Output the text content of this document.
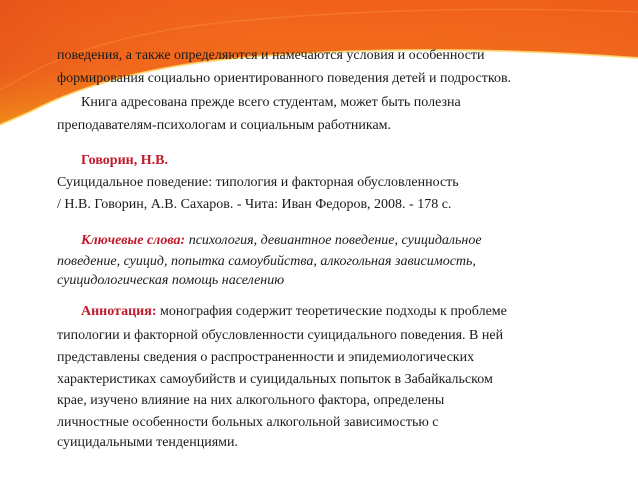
поведения, а также определяются и намечаются условия и особенности

формирования социально ориентированного поведения детей и подростков.

Книга адресована прежде всего студентам, может быть полезна

преподавателям-психологам и социальным работникам.

Говорин, Н.В.

Суицидальное поведение: типология и факторная обусловленность

/ Н.В. Говорин, А.В. Сахаров. - Чита: Иван Федоров, 2008. - 178 с.

Ключевые слова: психология, девиантное поведение, суицидальное

поведение, суицид, попытка самоубийства, алкогольная зависимость,

суицидологическая помощь населению

Аннотация: монография содержит теоретические подходы к проблеме

типологии и факторной обусловленности суицидального поведения. В ней

представлены сведения о распространенности и эпидемиологических

характеристиках самоубийств и суицидальных попыток в Забайкальском

крае, изучено влияние на них алкогольного фактора, определены

личностные особенности больных алкогольной зависимостью с

суицидальными тенденциями.
